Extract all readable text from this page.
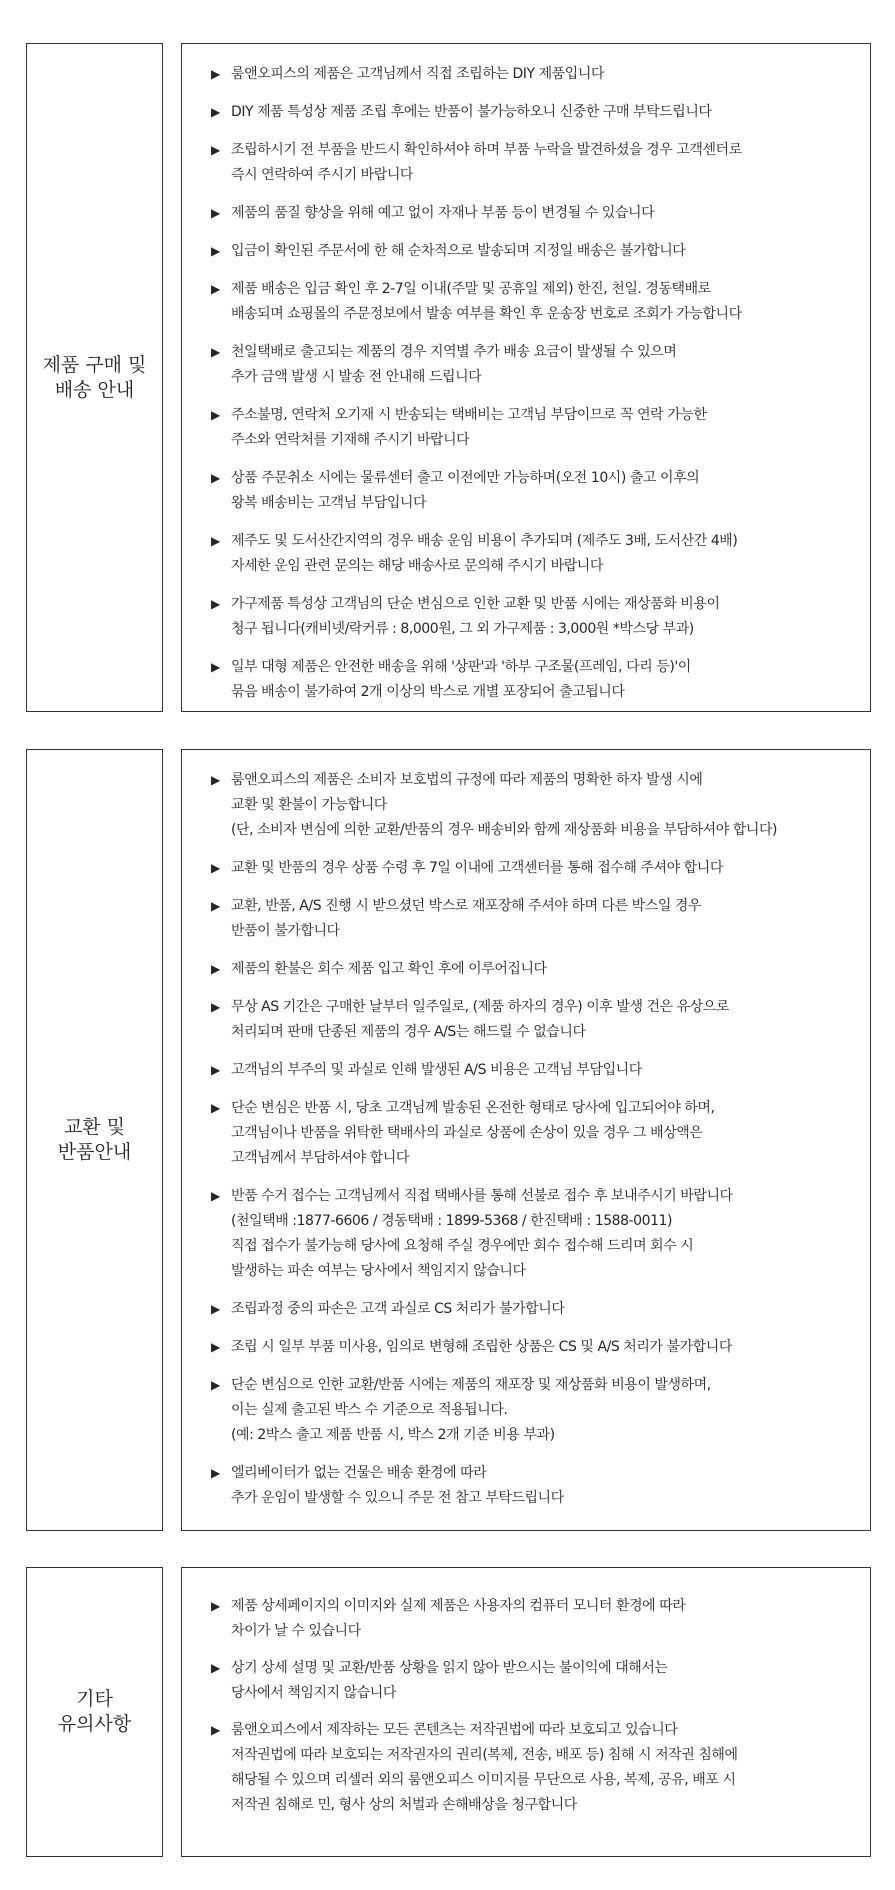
제품 구매 및
배송 안내
▶ 룸앤오피스의 제품은 고객님께서 직접 조립하는 DIY 제품입니다
▶ DIY 제품 특성상 제품 조립 후에는 반품이 불가능하오니 신중한 구매 부탁드립니다
▶ 조립하시기 전 부품을 반드시 확인하셔야 하며 부품 누락을 발견하셨을 경우 고객센터로
즉시 연락하여 주시기 바랍니다
▶ 제품의 품질 향상을 위해 예고 없이 자재나 부품 등이 변경될 수 있습니다
▶ 입금이 확인된 주문서에 한 해 순차적으로 발송되며 지정일 배송은 불가합니다
▶ 제품 배송은 입금 확인 후 2-7일 이내(주말 및 공휴일 제외) 한진, 천일. 경동택배로
배송되며 쇼핑몰의 주문정보에서 발송 여부를 확인 후 운송장 번호로 조회가 가능합니다
▶ 천일택배로 출고되는 제품의 경우 지역별 추가 배송 요금이 발생될 수 있으며
추가 금액 발생 시 발송 전 안내해 드립니다
▶ 주소불명, 연락처 오기재 시 반송되는 택배비는 고객님 부담이므로 꼭 연락 가능한
주소와 연락처를 기재해 주시기 바랍니다
▶ 상품 주문취소 시에는 물류센터 출고 이전에만 가능하며(오전 10시) 출고 이후의
왕복 배송비는 고객님 부담입니다
▶ 제주도 및 도서산간지역의 경우 배송 운임 비용이 추가되며 (제주도 3배, 도서산간 4배)
자세한 운임 관련 문의는 해당 배송사로 문의해 주시기 바랍니다
▶ 가구제품 특성상 고객님의 단순 변심으로 인한 교환 및 반품 시에는 재상품화 비용이
청구 됩니다(캐비넷/락커류 : 8,000원, 그 외 가구제품 : 3,000원 *박스당 부과)
▶ 일부 대형 제품은 안전한 배송을 위해 '상판'과 '하부 구조물(프레임, 다리 등)'이
묶음 배송이 불가하여 2개 이상의 박스로 개별 포장되어 출고됩니다
교환 및
반품안내
▶ 룸앤오피스의 제품은 소비자 보호법의 규정에 따라 제품의 명확한 하자 발생 시에
교환 및 환불이 가능합니다
(단, 소비자 변심에 의한 교환/반품의 경우 배송비와 함께 재상품화 비용을 부담하셔야 합니다)
▶ 교환 및 반품의 경우 상품 수령 후 7일 이내에 고객센터를 통해 접수해 주셔야 합니다
▶ 교환, 반품, A/S 진행 시 받으셨던 박스로 재포장해 주셔야 하며 다른 박스일 경우
반품이 불가합니다
▶ 제품의 환불은 회수 제품 입고 확인 후에 이루어집니다
▶ 무상 AS 기간은 구매한 날부터 일주일로, (제품 하자의 경우) 이후 발생 건은 유상으로
처리되며 판매 단종된 제품의 경우 A/S는 해드릴 수 없습니다
▶ 고객님의 부주의 및 과실로 인해 발생된 A/S 비용은 고객님 부담입니다
▶ 단순 변심은 반품 시, 당초 고객님께 발송된 온전한 형태로 당사에 입고되어야 하며,
고객님이나 반품을 위탁한 택배사의 과실로 상품에 손상이 있을 경우 그 배상액은
고객님께서 부담하셔야 합니다
▶ 반품 수거 접수는 고객님께서 직접 택배사를 통해 선불로 접수 후 보내주시기 바랍니다
(천일택배 :1877-6606 / 경동택배 : 1899-5368 / 한진택배 : 1588-0011)
직접 접수가 불가능해 당사에 요청해 주실 경우에만 회수 접수해 드리며 회수 시
발생하는 파손 여부는 당사에서 책임지지 않습니다
▶ 조립과정 중의 파손은 고객 과실로 CS 처리가 불가합니다
▶ 조립 시 일부 부품 미사용, 임의로 변형해 조립한 상품은 CS 및 A/S 처리가 불가합니다
▶ 단순 변심으로 인한 교환/반품 시에는 제품의 재포장 및 재상품화 비용이 발생하며,
이는 실제 출고된 박스 수 기준으로 적용됩니다.
(예: 2박스 출고 제품 반품 시, 박스 2개 기준 비용 부과)
▶ 엘리베이터가 없는 건물은 배송 환경에 따라
추가 운임이 발생할 수 있으니 주문 전 참고 부탁드립니다
기타
유의사항
▶ 제품 상세페이지의 이미지와 실제 제품은 사용자의 컴퓨터 모니터 환경에 따라
차이가 날 수 있습니다
▶ 상기 상세 설명 및 교환/반품 상황을 읽지 않아 받으시는 불이익에 대해서는
당사에서 책임지지 않습니다
▶ 룸앤오피스에서 제작하는 모든 콘텐츠는 저작권법에 따라 보호되고 있습니다
저작권법에 따라 보호되는 저작권자의 권리(복제, 전송, 배포 등) 침해 시 저작권 침해에
해당될 수 있으며 리셀러 외의 룸앤오피스 이미지를 무단으로 사용, 복제, 공유, 배포 시
저작권 침해로 민, 형사 상의 처벌과 손해배상을 청구합니다
